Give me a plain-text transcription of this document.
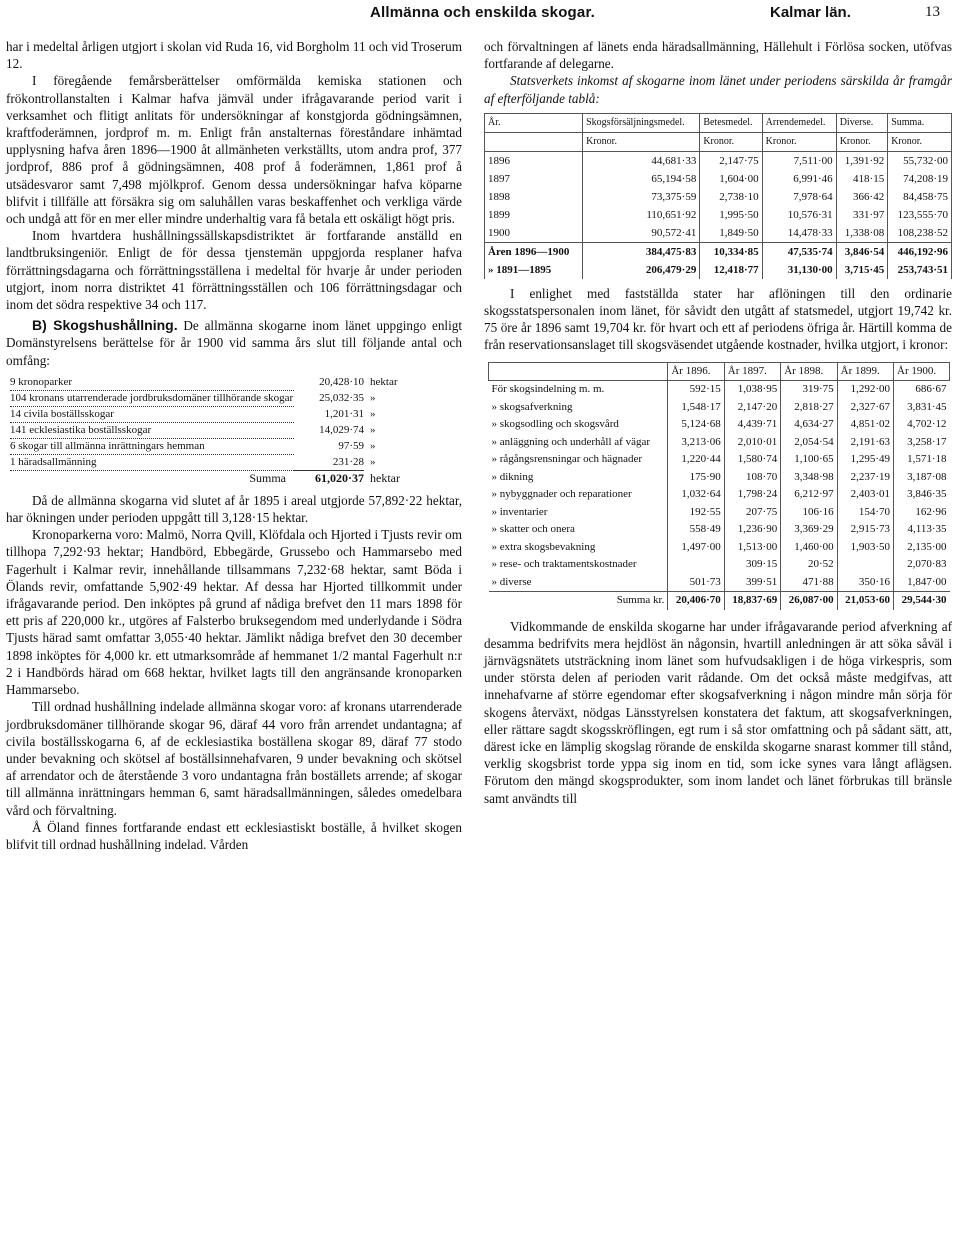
Allmänna och enskilda skogar.	Kalmar län.	13

har i medeltal årligen utgjort i skolan vid Ruda 16, vid Borgholm 11 och vid Troserum 12.

I föregående femårsberättelser omförmälda kemiska stationen och frökontrollanstalten i Kalmar hafva jämväl under ifrågavarande period varit i verksamhet och flitigt anlitats för undersökningar af konstgjorda gödningsämnen, kraftfoderämnen, jordprof m. m. Enligt från anstalternas föreståndare inhämtad upplysning hafva åren 1896—1900 åt allmänheten verkställts, utom andra prof, 377 jordprof, 886 prof å gödningsämnen, 408 prof å foderämnen, 1,861 prof å utsädesvaror samt 7,498 mjölkprof. Genom dessa undersökningar hafva köparne blifvit i tillfälle att försäkra sig om saluhållen varas beskaffenhet och verkliga värde och undgå att för en mer eller mindre underhaltig vara få betala ett oskäligt högt pris.

Inom hvartdera hushållningssällskapsdistriktet är fortfarande anställd en landtbruksingeniör. Enligt de för dessa tjenstemän uppgjorda resplaner hafva förrättningsdagarna och förrättningsställena i medeltal för hvarje år under perioden utgjort, inom norra distriktet 41 förrättningsställen och 106 förrättningsdagar och inom det södra respektive 34 och 117.

B) Skogshushållning. De allmänna skogarne inom länet uppgingo enligt Domänstyrelsens berättelse för år 1900 vid samma års slut till följande antal och omfång:

9 kronoparker	20,428·10	hektar
104 kronans utarrenderade jordbruksdomäner tillhörande skogar	25,032·35	»
14 civila boställsskogar	1,201·31	»
141 ecklesiastika boställsskogar	14,029·74	»
6 skogar till allmänna inrättningars hemman	97·59	»
1 häradsallmänning	231·28	»
Summa	61,020·37	hektar

Då de allmänna skogarna vid slutet af år 1895 i areal utgjorde 57,892·22 hektar, har ökningen under perioden uppgått till 3,128·15 hektar.

Kronoparkerna voro: Malmö, Norra Qvill, Klöfdala och Hjorted i Tjusts revir om tillhopa 7,292·93 hektar; Handbörd, Ebbegärde, Grussebo och Hammarsebo med Fagerhult i Kalmar revir, innehållande tillsammans 7,232·68 hektar, samt Böda i Ölands revir, omfattande 5,902·49 hektar. Af dessa har Hjorted tillkommit under ifrågavarande period. Den inköptes på grund af nådiga brefvet den 11 mars 1898 för ett pris af 220,000 kr., utgöres af Falsterbo bruksegendom med underlydande i Södra Tjusts härad samt omfattar 3,055·40 hektar. Jämlikt nådiga brefvet den 30 december 1898 inköptes för 4,000 kr. ett utmarksområde af hemmanet 1/2 mantal Fagerhult n:r 2 i Handbörds härad om 668 hektar, hvilket lagts till den angränsande kronoparken Hammarsebo.

Till ordnad hushållning indelade allmänna skogar voro: af kronans utarrenderade jordbruksdomäner tillhörande skogar 96, däraf 44 voro från arrendet undantagna; af civila boställsskogarna 6, af de ecklesiastika boställena skogar 89, däraf 77 stodo under bevakning och skötsel af boställsinnehafvaren, 9 under bevakning och skötsel af arrendator och de återstående 3 voro undantagna från boställets arrende; af skogar till allmänna inrättningars hemman 6, samt häradsallmänningen, således omedelbara vård och förvaltning.

Å Öland finnes fortfarande endast ett ecklesiastiskt boställe, å hvilket skogen blifvit till ordnad hushållning indelad. Vården

och förvaltningen af länets enda häradsallmänning, Hällehult i Förlösa socken, utöfvas fortfarande af delegarne.

Statsverkets inkomst af skogarne inom länet under periodens särskilda år framgår af efterföljande tablå:

År.	Skogsförsäljningsmedel.	Betesmedel.	Arrendemedel.	Diverse.	Summa.
	Kronor.	Kronor.	Kronor.	Kronor.	Kronor.
1896	44,681·33	2,147·75	7,511·00	1,391·92	55,732·00
1897	65,194·58	1,604·00	6,991·46	418·15	74,208·19
1898	73,375·59	2,738·10	7,978·64	366·42	84,458·75
1899	110,651·92	1,995·50	10,576·31	331·97	123,555·70
1900	90,572·41	1,849·50	14,478·33	1,338·08	108,238·52
Åren 1896—1900	384,475·83	10,334·85	47,535·74	3,846·54	446,192·96
» 1891—1895	206,479·29	12,418·77	31,130·00	3,715·45	253,743·51

I enlighet med fastställda stater har aflöningen till den ordinarie skogsstatspersonalen inom länet, för såvidt den utgått af statsmedel, utgjort 19,742 kr. 75 öre år 1896 samt 19,704 kr. för hvart och ett af periodens öfriga år. Härtill komma de från reservationsanslaget till skogsväsendet utgående kostnader, hvilka utgjort, i kronor:

	År 1896.	År 1897.	År 1898.	År 1899.	År 1900.
För skogsindelning m. m.	592·15	1,038·95	319·75	1,292·00	686·67
» skogsafverkning	1,548·17	2,147·20	2,818·27	2,327·67	3,831·45
» skogsodling och skogsvård	5,124·68	4,439·71	4,634·27	4,851·02	4,702·12
» anläggning och underhåll af vägar	3,213·06	2,010·01	2,054·54	2,191·63	3,258·17
» rågångsrensningar och hägnader	1,220·44	1,580·74	1,100·65	1,295·49	1,571·18
» dikning	175·90	108·70	3,348·98	2,237·19	3,187·08
» nybyggnader och reparationer	1,032·64	1,798·24	6,212·97	2,403·01	3,846·35
» inventarier	192·55	207·75	106·16	154·70	162·96
» skatter och onera	558·49	1,236·90	3,369·29	2,915·73	4,113·35
» extra skogsbevakning	1,497·00	1,513·00	1,460·00	1,903·50	2,135·00
» rese- och traktamentskostnader		309·15	20·52		2,070·83
» diverse	501·73	399·51	471·88	350·16	1,847·00
Summa kr.	20,406·70	18,837·69	26,087·00	21,053·60	29,544·30

Vidkommande de enskilda skogarne har under ifrågavarande period afverkning af desamma bedrifvits mera hejdlöst än någonsin, hvartill anledningen är att söka såväl i järnvägsnätets utsträckning inom länet som hufvudsakligen i de höga virkespris, som under största delen af perioden varit rådande. Om det också måste medgifvas, att innehafvarne af större egendomar efter skogsafverkning i någon mindre mån sörja för skogens återväxt, nödgas Länsstyrelsen konstatera det faktum, att skogsafverkningen, eller rättare sagdt skogsskröflingen, egt rum i så stor omfattning och på sådant sätt, att, därest icke en lämplig skogslag rörande de enskilda skogarne snarast kommer till stånd, verklig skogsbrist torde yppa sig inom en tid, som icke synes vara långt aflägsen. Förutom den mängd skogsprodukter, som inom landet och länet förbrukas till bränsle samt användts till
